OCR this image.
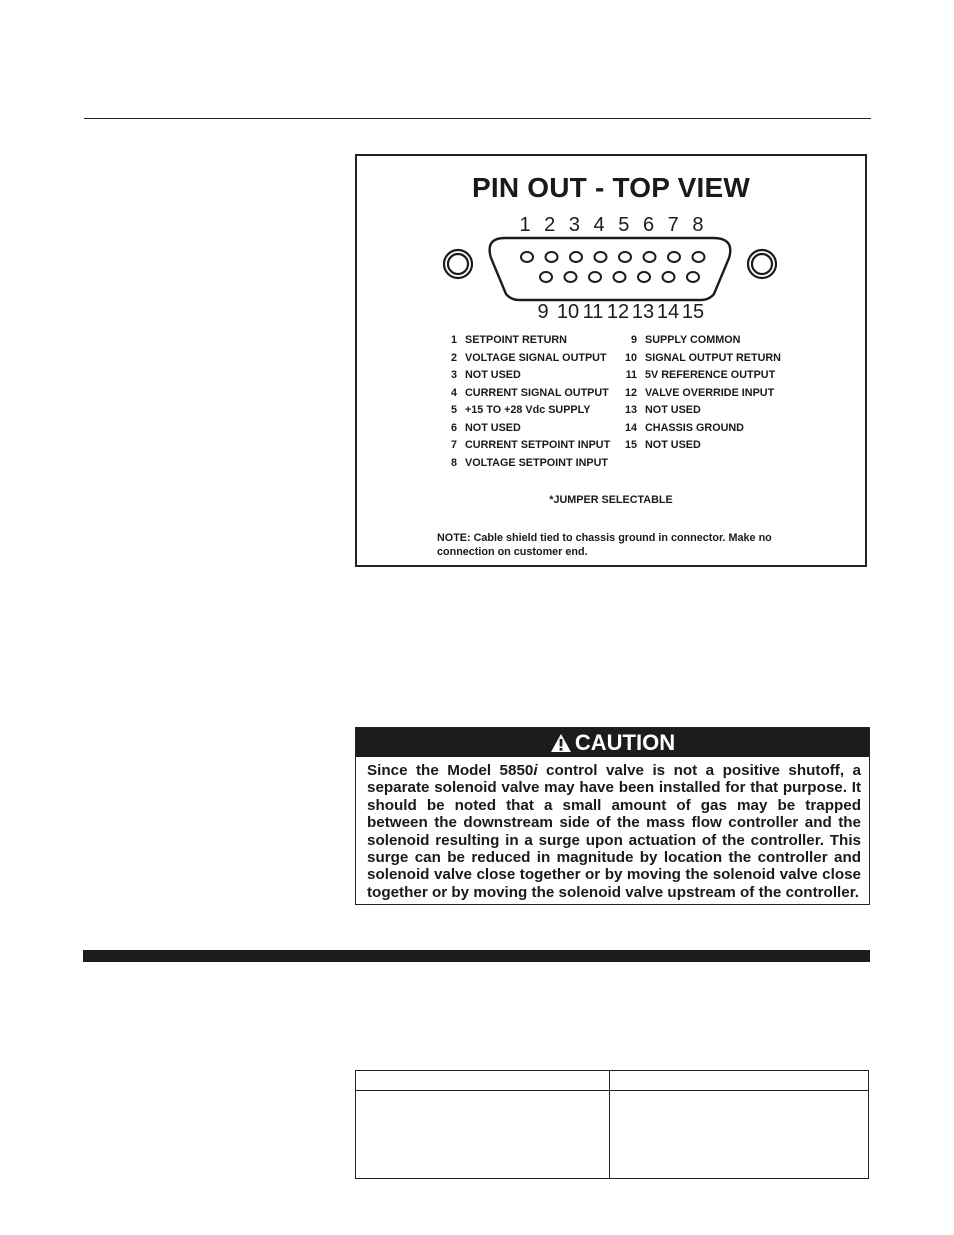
PIN OUT - TOP VIEW
1 2 3 4 5 6 7 8
9 10 11 12 13 14 15
1 SETPOINT RETURN
2 VOLTAGE SIGNAL OUTPUT
3 NOT USED
4 CURRENT SIGNAL OUTPUT
5 +15 TO +28 Vdc SUPPLY
6 NOT USED
7 CURRENT SETPOINT INPUT
8 VOLTAGE SETPOINT INPUT
9 SUPPLY COMMON
10 SIGNAL OUTPUT RETURN
11 5V REFERENCE OUTPUT
12 VALVE OVERRIDE INPUT
13 NOT USED
14 CHASSIS GROUND
15 NOT USED
*JUMPER SELECTABLE
NOTE: Cable shield tied to chassis ground in connector. Make no connection on customer end.
CAUTION
Since the Model 5850i control valve is not a positive shutoff, a separate solenoid valve may have been installed for that purpose. It should be noted that a small amount of gas may be trapped between the downstream side of the mass flow controller and the solenoid resulting in a surge upon actuation of the controller. This surge can be reduced in magnitude by location the controller and solenoid valve close together or by moving the solenoid valve close together or by moving the solenoid valve upstream of the controller.
